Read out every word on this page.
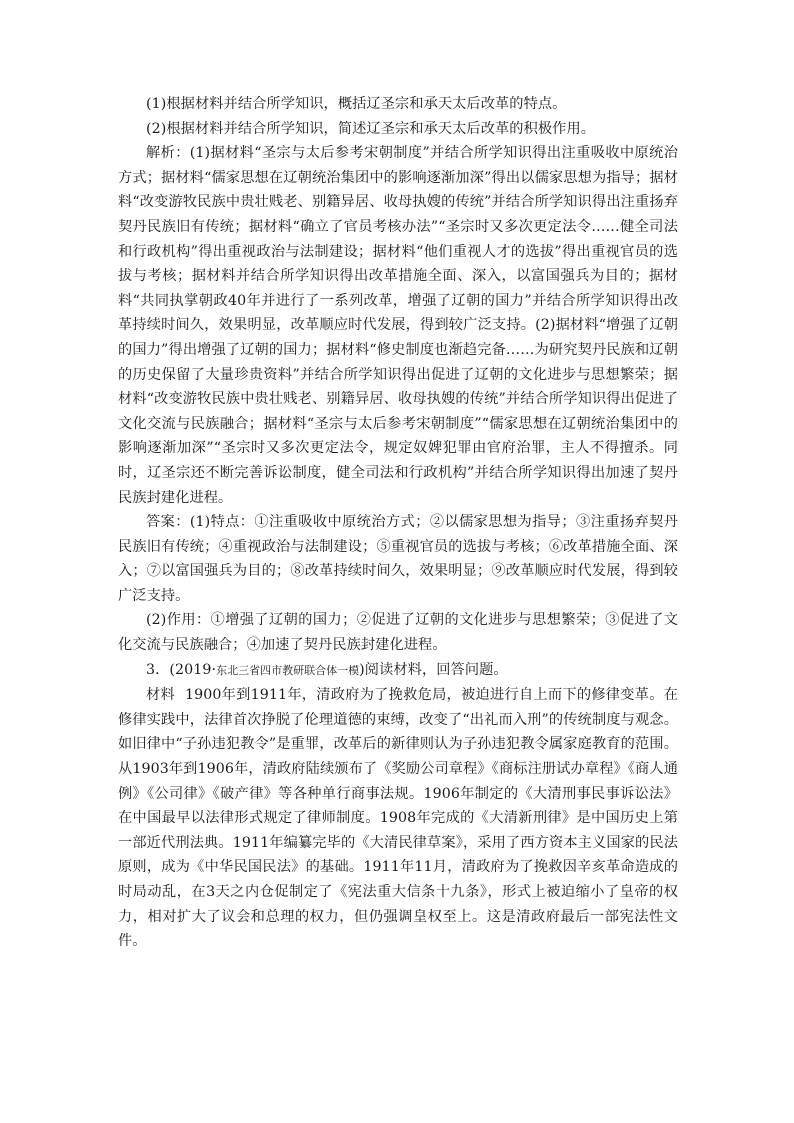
(1)根据材料并结合所学知识，概括辽圣宗和承天太后改革的特点。

(2)根据材料并结合所学知识，简述辽圣宗和承天太后改革的积极作用。

解析：(1)据材料“圣宗与太后参考宋朝制度”并结合所学知识得出注重吸收中原统治方式；据材料“儒家思想在辽朝统治集团中的影响逐渐加深”得出以儒家思想为指导；据材料“改变游牧民族中贵壮贱老、别籍异居、收母执嫂的传统”并结合所学知识得出注重扬弃契丹民族旧有传统；据材料“确立了官员考核办法”“圣宗时又多次更定法令……健全司法和行政机构”得出重视政治与法制建设；据材料“他们重视人才的选拔”得出重视官员的选拔与考核；据材料并结合所学知识得出改革措施全面、深入，以富国强兵为目的；据材料“共同执掌朝政40年并进行了一系列改革，增强了辽朝的国力”并结合所学知识得出改革持续时间久，效果明显，改革顺应时代发展，得到较广泛支持。(2)据材料“增强了辽朝的国力”得出增强了辽朝的国力；据材料“修史制度也渐趋完备……为研究契丹民族和辽朝的历史保留了大量珍贵资料”并结合所学知识得出促进了辽朝的文化进步与思想繁荣；据材料“改变游牧民族中贵壮贱老、别籍异居、收母执嫂的传统”并结合所学知识得出促进了文化交流与民族融合；据材料“圣宗与太后参考宋朝制度”“儒家思想在辽朝统治集团中的影响逐渐加深”“圣宗时又多次更定法令，规定奴婢犯罪由官府治罪，主人不得擅杀。同时，辽圣宗还不断完善诉讼制度，健全司法和行政机构”并结合所学知识得出加速了契丹民族封建化进程。

答案：(1)特点：①注重吸收中原统治方式；②以儒家思想为指导；③注重扬弃契丹民族旧有传统；④重视政治与法制建设；⑤重视官员的选拔与考核；⑥改革措施全面、深入；⑦以富国强兵为目的；⑧改革持续时间久，效果明显；⑨改革顺应时代发展，得到较广泛支持。

(2)作用：①增强了辽朝的国力；②促进了辽朝的文化进步与思想繁荣；③促进了文化交流与民族融合；④加速了契丹民族封建化进程。

3．(2019·东北三省四市教研联合体一模)阅读材料，回答问题。

材料 1900年到1911年，清政府为了挽救危局，被迫进行自上而下的修律变革。在修律实践中，法律首次挣脱了伦理道德的束缚，改变了“出礼而入刑”的传统制度与观念。如旧律中“子孙违犯教令”是重罪，改革后的新律则认为子孙违犯教令属家庭教育的范围。从1903年到1906年，清政府陆续颁布了《奖励公司章程》《商标注册试办章程》《商人通例》《公司律》《破产律》等各种单行商事法规。1906年制定的《大清刑事民事诉讼法》在中国最早以法律形式规定了律师制度。1908年完成的《大清新刑律》是中国历史上第一部近代刑法典。1911年编纂完毕的《大清民律草案》，采用了西方资本主义国家的民法原则，成为《中华民国民法》的基础。1911年11月，清政府为了挽救因辛亥革命造成的时局动乱，在3天之内仓促制定了《宪法重大信条十九条》，形式上被迫缩小了皇帝的权力，相对扩大了议会和总理的权力，但仍强调皇权至上。这是清政府最后一部宪法性文件。
